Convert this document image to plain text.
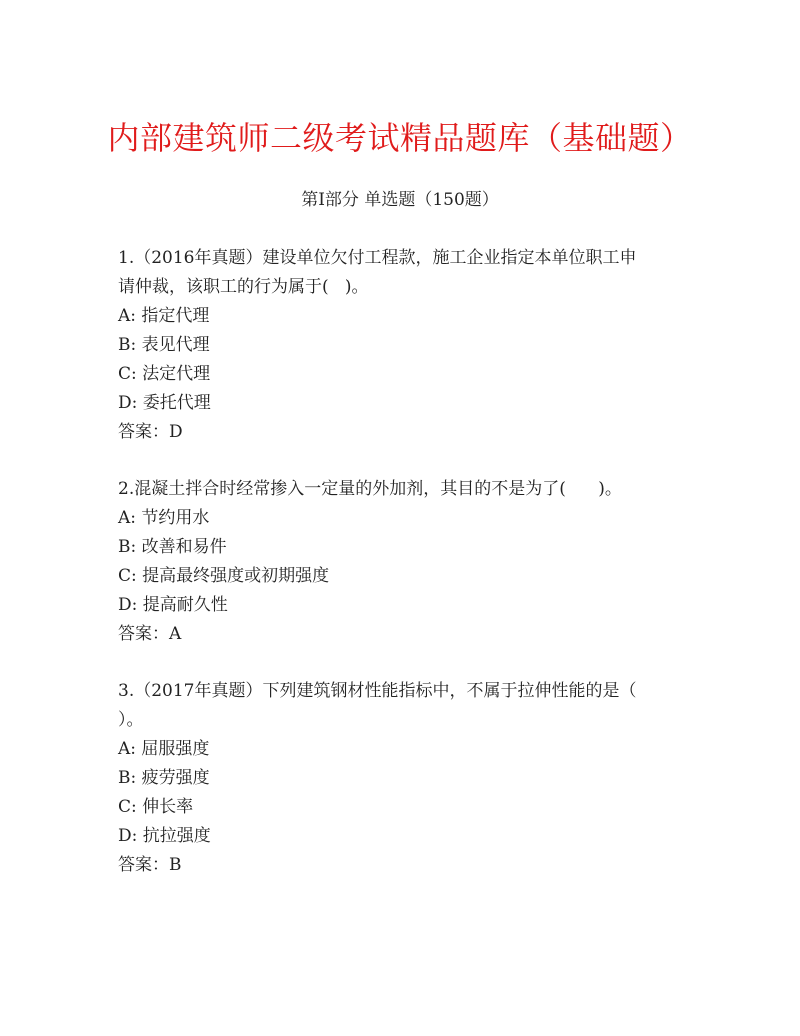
内部建筑师二级考试精品题库（基础题）
第Ⅰ部分 单选题（150题）
1.（2016年真题）建设单位欠付工程款，施工企业指定本单位职工申
请仲裁，该职工的行为属于(   )。
A: 指定代理
B: 表见代理
C: 法定代理
D: 委托代理
答案：D
2.混凝土拌合时经常掺入一定量的外加剂，其目的不是为了(      )。
A: 节约用水
B: 改善和易件
C: 提高最终强度或初期强度
D: 提高耐久性
答案：A
3.（2017年真题）下列建筑钢材性能指标中，不属于拉伸性能的是（
）。
A: 屈服强度
B: 疲劳强度
C: 伸长率
D: 抗拉强度
答案：B
